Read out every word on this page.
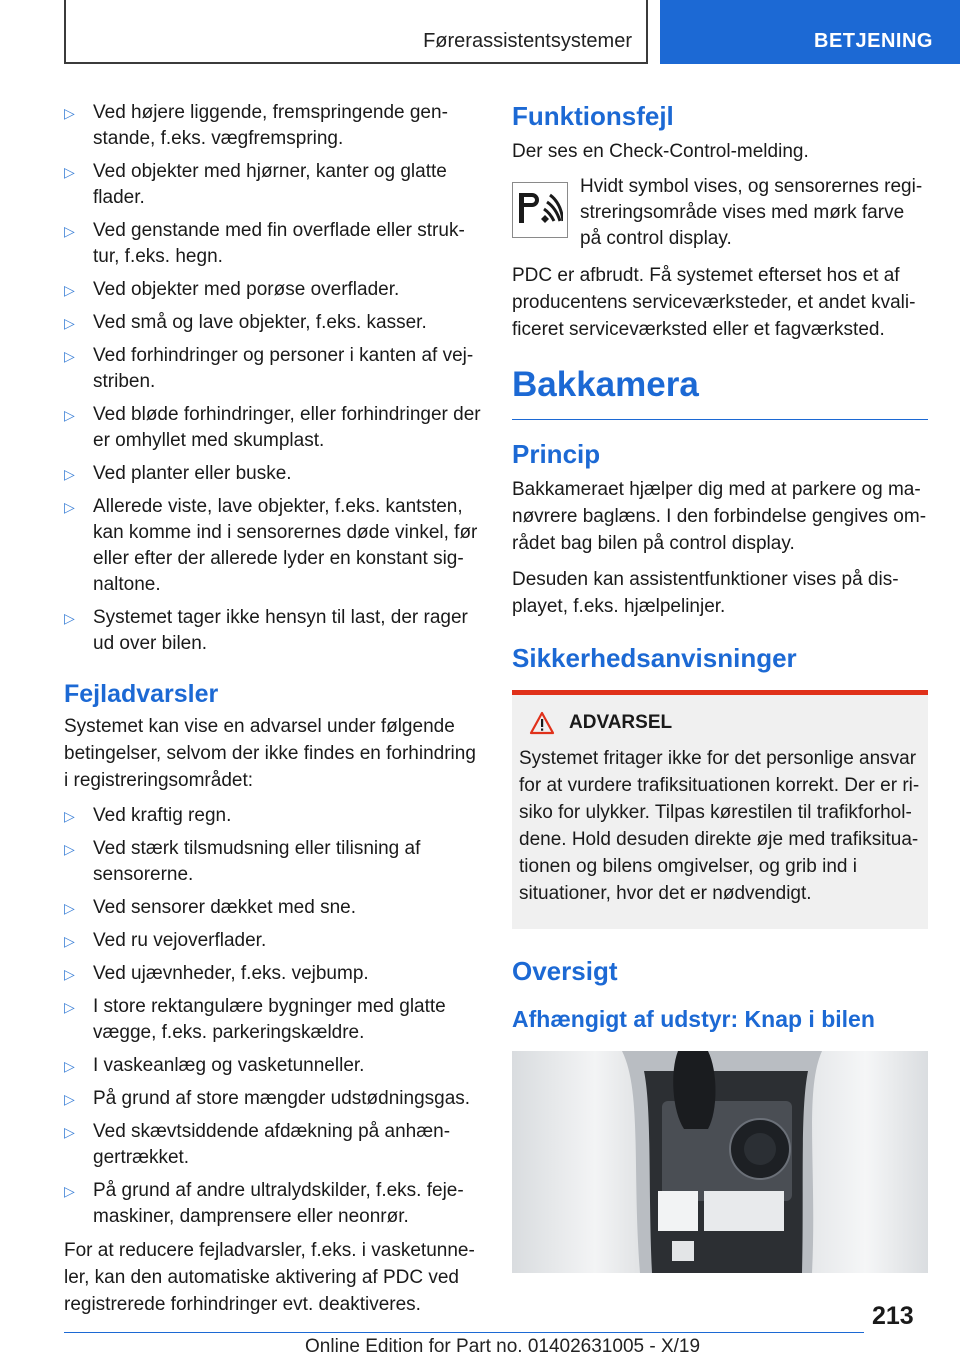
Førerassistentsystemer	BETJENING
▷ Ved højere liggende, fremspringende genstande, f.eks. vægfremspring.
▷ Ved objekter med hjørner, kanter og glatte flader.
▷ Ved genstande med fin overflade eller struktur, f.eks. hegn.
▷ Ved objekter med porøse overflader.
▷ Ved små og lave objekter, f.eks. kasser.
▷ Ved forhindringer og personer i kanten af vejstriben.
▷ Ved bløde forhindringer, eller forhindringer der er omhyllet med skumplast.
▷ Ved planter eller buske.
▷ Allerede viste, lave objekter, f.eks. kantsten, kan komme ind i sensorernes døde vinkel, før eller efter der allerede lyder en konstant signaltone.
▷ Systemet tager ikke hensyn til last, der rager ud over bilen.
Fejladvarsler

Systemet kan vise en advarsel under følgende betingelser, selvom der ikke findes en forhindring i registreringsområdet:

▷ Ved kraftig regn.
▷ Ved stærk tilsmudsning eller tilisning af sensorerne.
▷ Ved sensorer dækket med sne.
▷ Ved ru vejoverflader.
▷ Ved ujævnheder, f.eks. vejbump.
▷ I store rektangulære bygninger med glatte vægge, f.eks. parkeringskældre.
▷ I vaskeanlæg og vasketunneller.
▷ På grund af store mængder udstødningsgas.
▷ Ved skævtsiddende afdækning på anhængertrækket.
▷ På grund af andre ultralydskilder, f.eks. fejemaskiner, damprensere eller neonrør.

For at reducere fejladvarsler, f.eks. i vasketunneler, kan den automatiske aktivering af PDC ved registrerede forhindringer evt. deaktiveres.

Funktionsfejl

Der ses en Check-Control-melding.

Hvidt symbol vises, og sensorernes registreringsområde vises med mørk farve på control display.

PDC er afbrudt. Få systemet efterset hos et af producentens serviceværksteder, et andet kvalificeret serviceværksted eller et fagværksted.

Bakkamera
Princip

Bakkameraet hjælper dig med at parkere og manøvrere baglæns. I den forbindelse gengives området bag bilen på control display.

Desuden kan assistentfunktioner vises på displayet, f.eks. hjælpelinjer.

Sikkerhedsanvisninger
ADVARSEL

Systemet fritager ikke for det personlige ansvar for at vurdere trafiksituationen korrekt. Der er risiko for ulykker. Tilpas kørestilen til trafikforholdene. Hold desuden direkte øje med trafiksituationen og bilens omgivelser, og grib ind i situationer, hvor det er nødvendigt.

Oversigt
Afhængigt af udstyr: Knap i bilen
213
Online Edition for Part no. 01402631005 - X/19
